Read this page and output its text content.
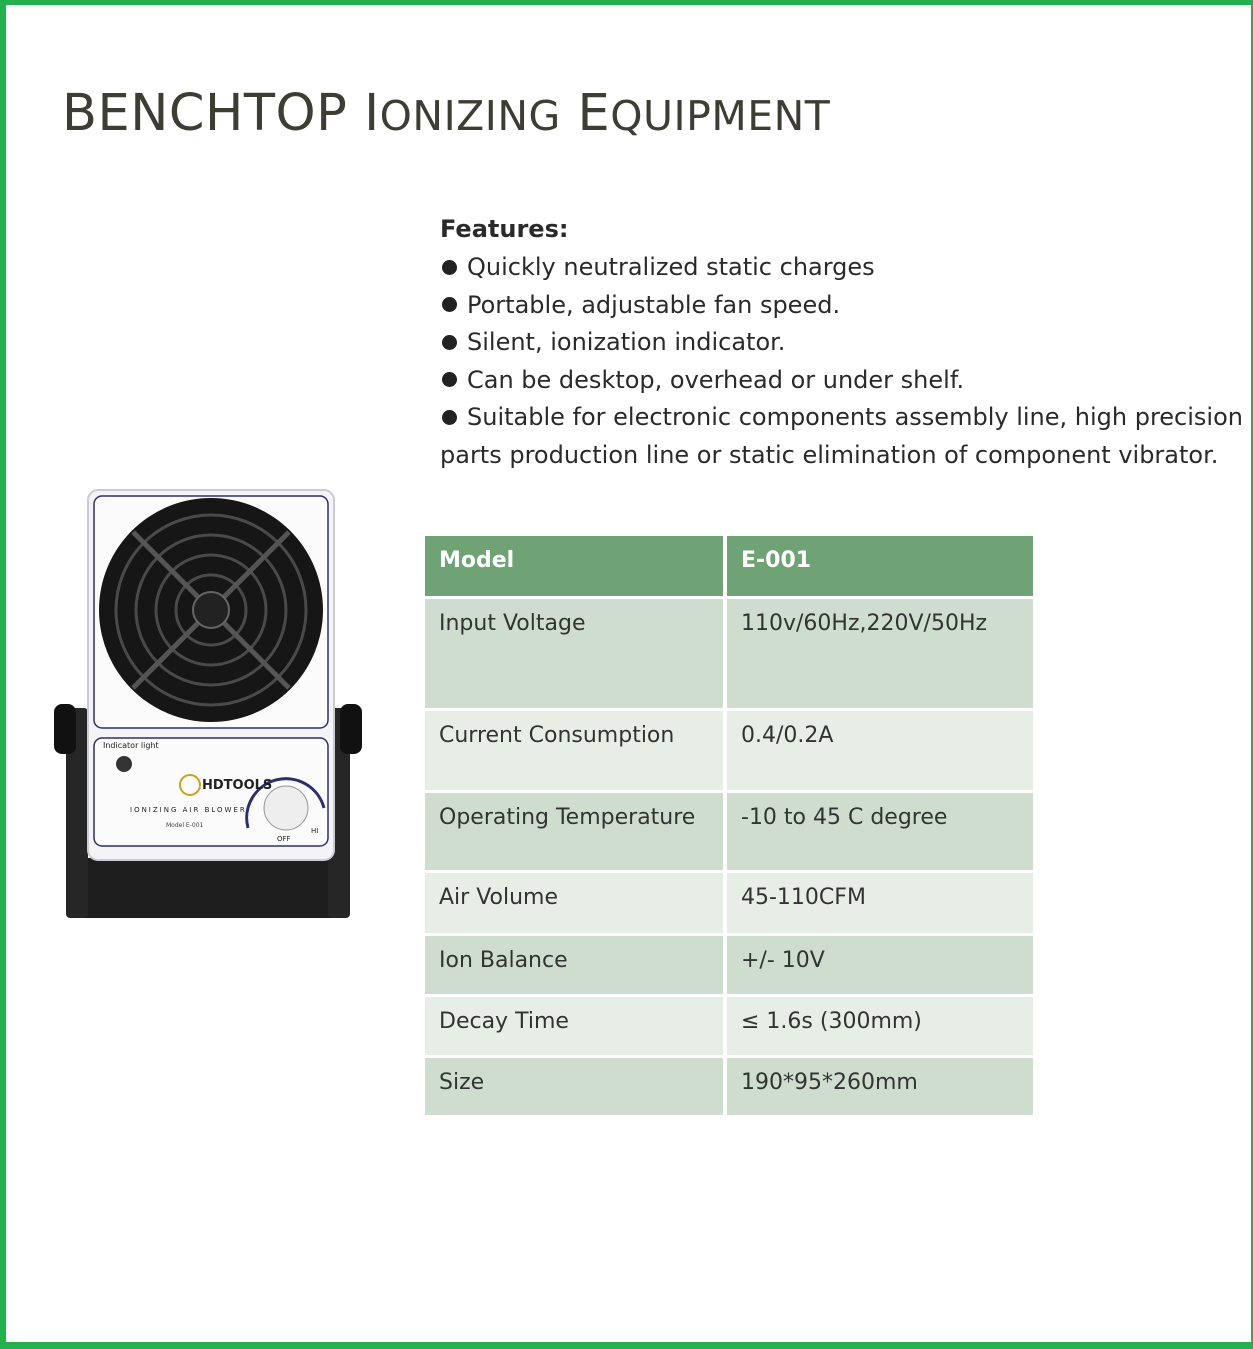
BENCHTOP IONIZING EQUIPMENT
Features:
Quickly neutralized static charges
Portable, adjustable fan speed.
Silent, ionization indicator.
Can be desktop, overhead or under shelf.
Suitable for electronic components assembly line, high precision parts production line or static elimination of component vibrator.
Indicator light
HDTOOLS
IONIZING AIR BLOWER
Model E-001
OFF
HI
Model	E-001
Input Voltage	110v/60Hz,220V/50Hz
Current Consumption	0.4/0.2A
Operating Temperature	-10 to 45 C degree
Air Volume	45-110CFM
Ion Balance	+/- 10V
Decay Time	≤ 1.6s (300mm)
Size	190*95*260mm
